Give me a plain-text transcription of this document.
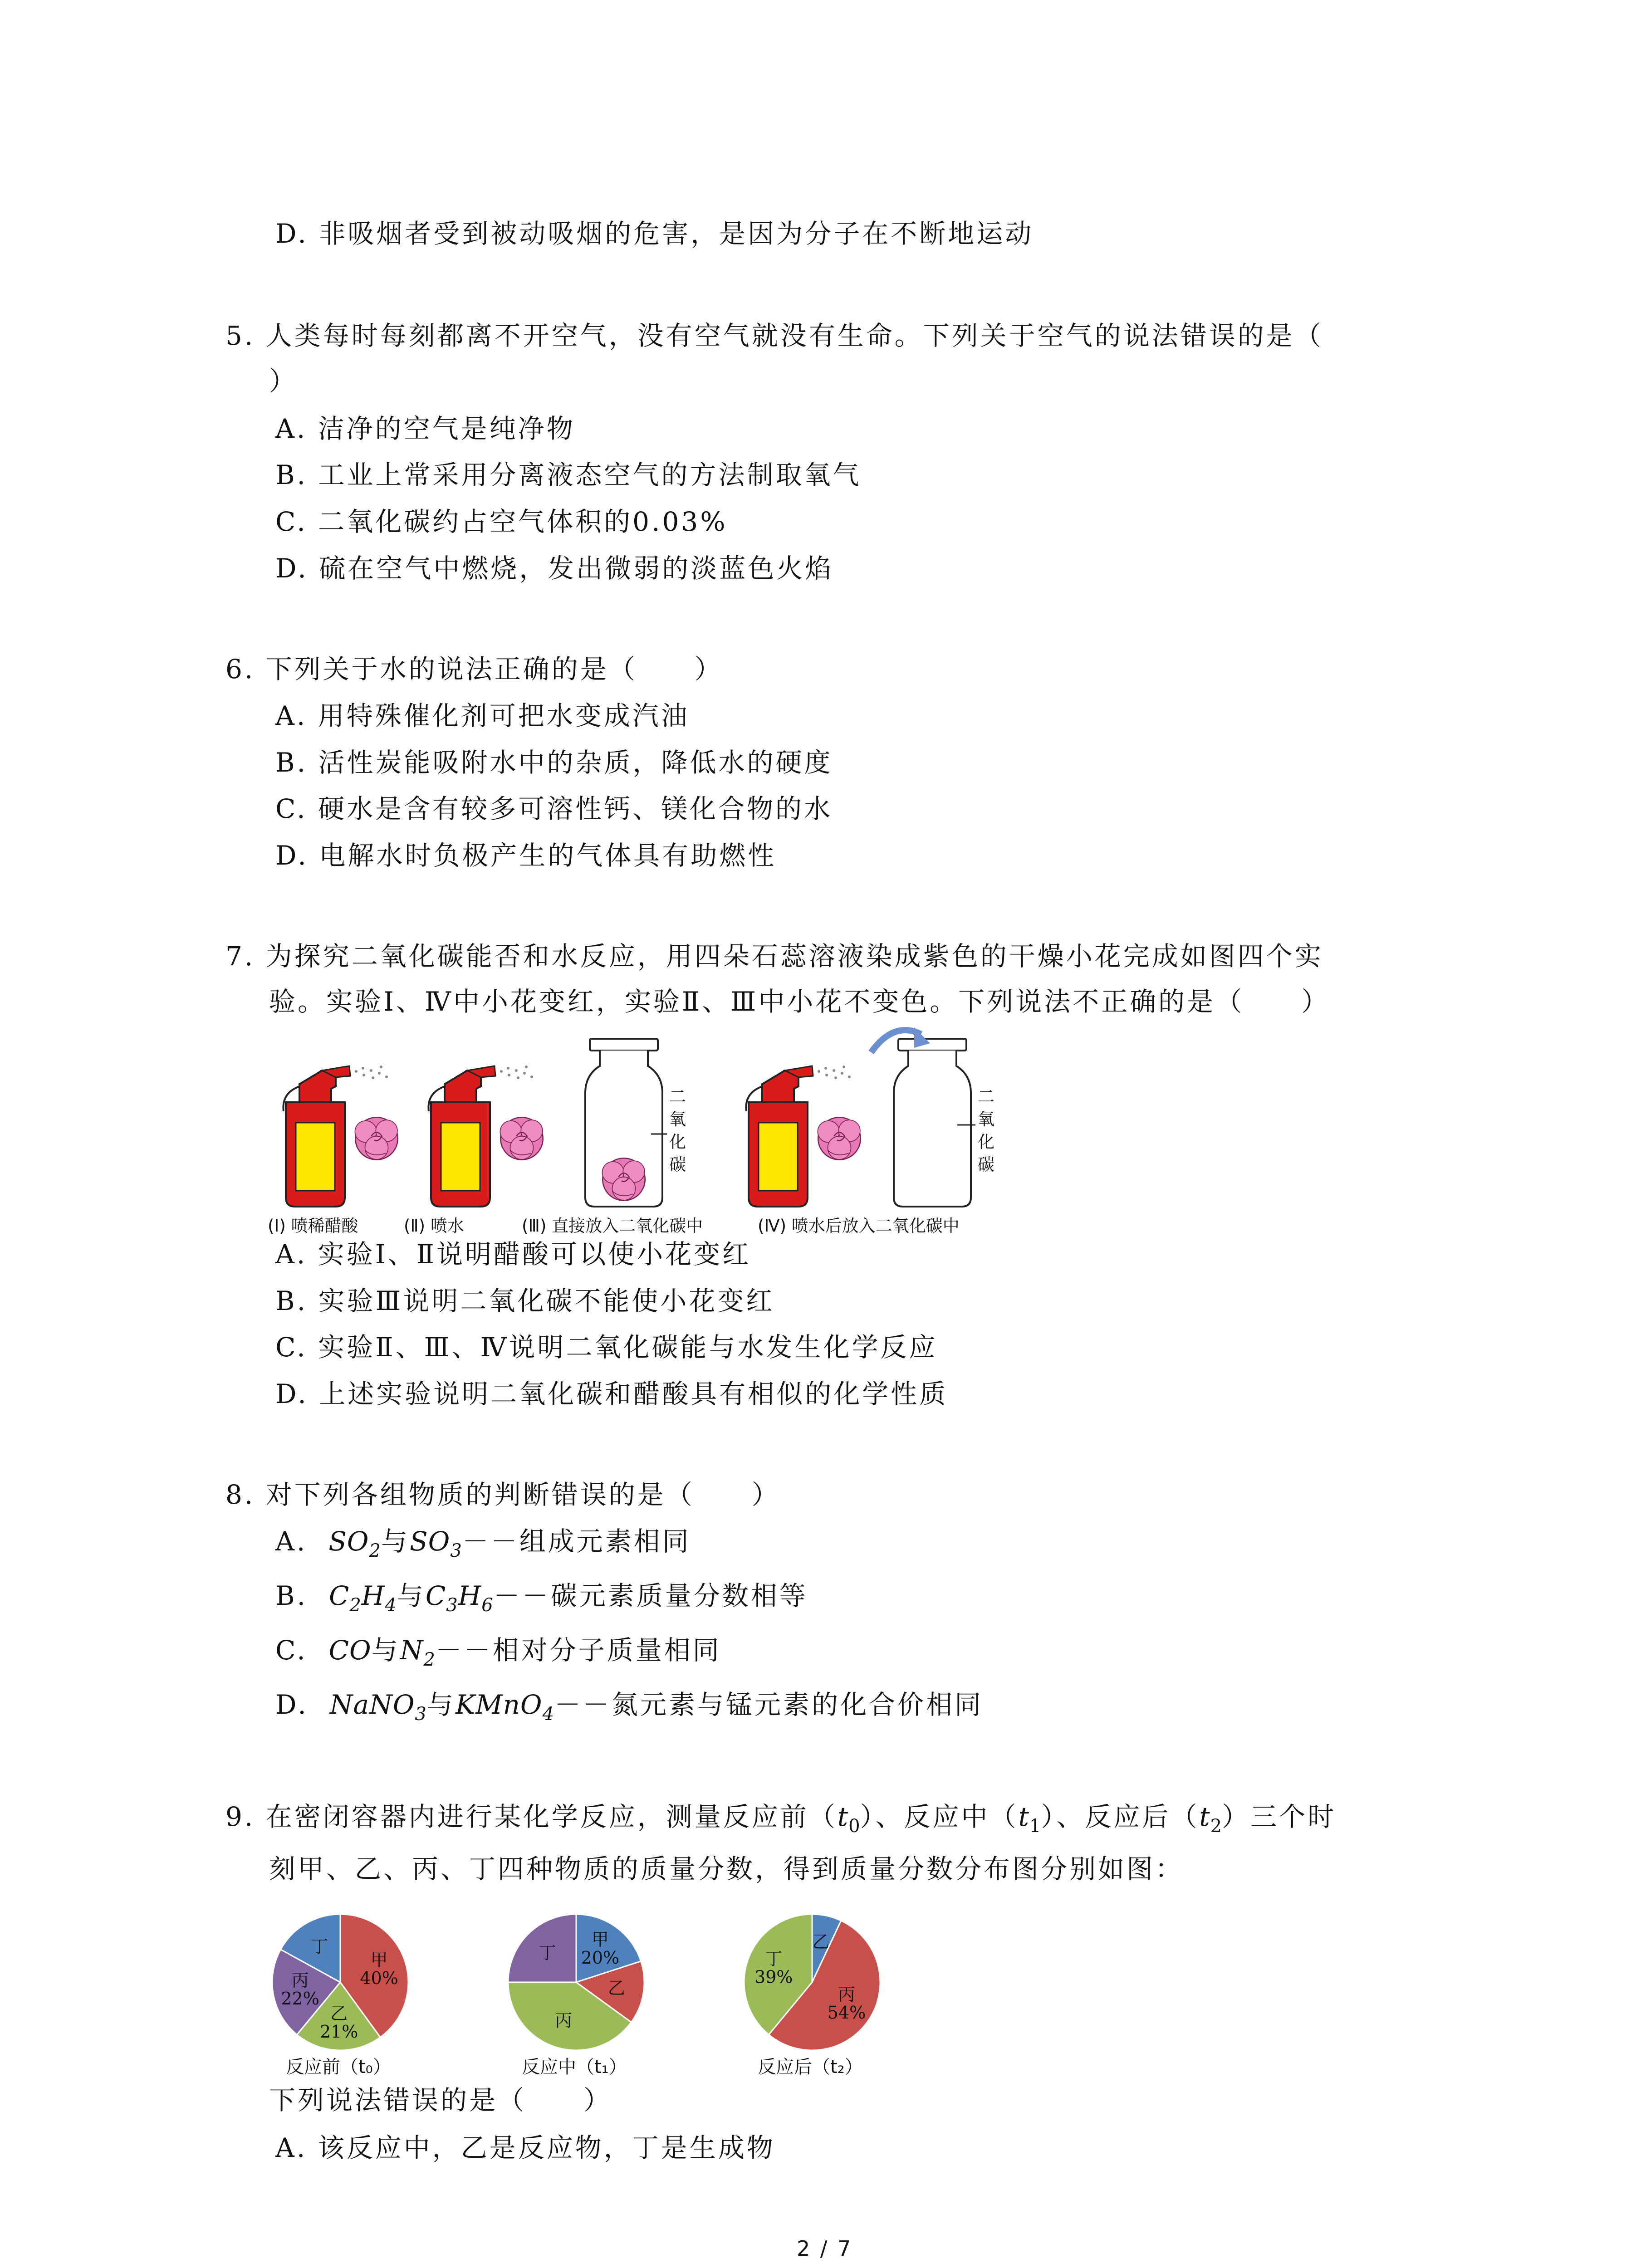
D. 非吸烟者受到被动吸烟的危害，是因为分子在不断地运动
5. 人类每时每刻都离不开空气，没有空气就没有生命。下列关于空气的说法错误的是（
）
A. 洁净的空气是纯净物
B. 工业上常采用分离液态空气的方法制取氧气
C. 二氧化碳约占空气体积的0.03%
D. 硫在空气中燃烧，发出微弱的淡蓝色火焰
6. 下列关于水的说法正确的是（　　）
A. 用特殊催化剂可把水变成汽油
B. 活性炭能吸附水中的杂质，降低水的硬度
C. 硬水是含有较多可溶性钙、镁化合物的水
D. 电解水时负极产生的气体具有助燃性
7. 为探究二氧化碳能否和水反应，用四朵石蕊溶液染成紫色的干燥小花完成如图四个实
验。实验I、Ⅳ中小花变红，实验Ⅱ、Ⅲ中小花不变色。下列说法不正确的是（　　）
二
氧
化
碳
二
氧
化
碳
(I) 喷稀醋酸	(Ⅱ) 喷水	(Ⅲ) 直接放入二氧化碳中	(Ⅳ) 喷水后放入二氧化碳中
A. 实验Ⅰ、Ⅱ说明醋酸可以使小花变红
B. 实验Ⅲ说明二氧化碳不能使小花变红
C. 实验Ⅱ、Ⅲ、Ⅳ说明二氧化碳能与水发生化学反应
D. 上述实验说明二氧化碳和醋酸具有相似的化学性质
8. 对下列各组物质的判断错误的是（　　）
A. $SO_2$与$SO_3--$组成元素相同
B. $C_2H_4$与$C_3H_6--$碳元素质量分数相等
C. CO与$N_2--$相对分子质量相同
D. NaNO$_3$与KMnO$_4$－－氮元素与锰元素的化合价相同
9. 在密闭容器内进行某化学反应，测量反应前$(t_0)$、反应中$(t_1)$、反应后$(t_2)$三个时
刻甲、乙、丙、丁四种物质的质量分数，得到质量分数分布图分别如图：
甲
40%
乙
21%
丙
22%
丁	甲
20%
乙
丙
丁
乙
丙
54%
丁
39%
反应前（t₀）	反应中（t₁）	反应后（t₂）
下列说法错误的是（　　）
A. 该反应中，乙是反应物，丁是生成物
2 / 7
